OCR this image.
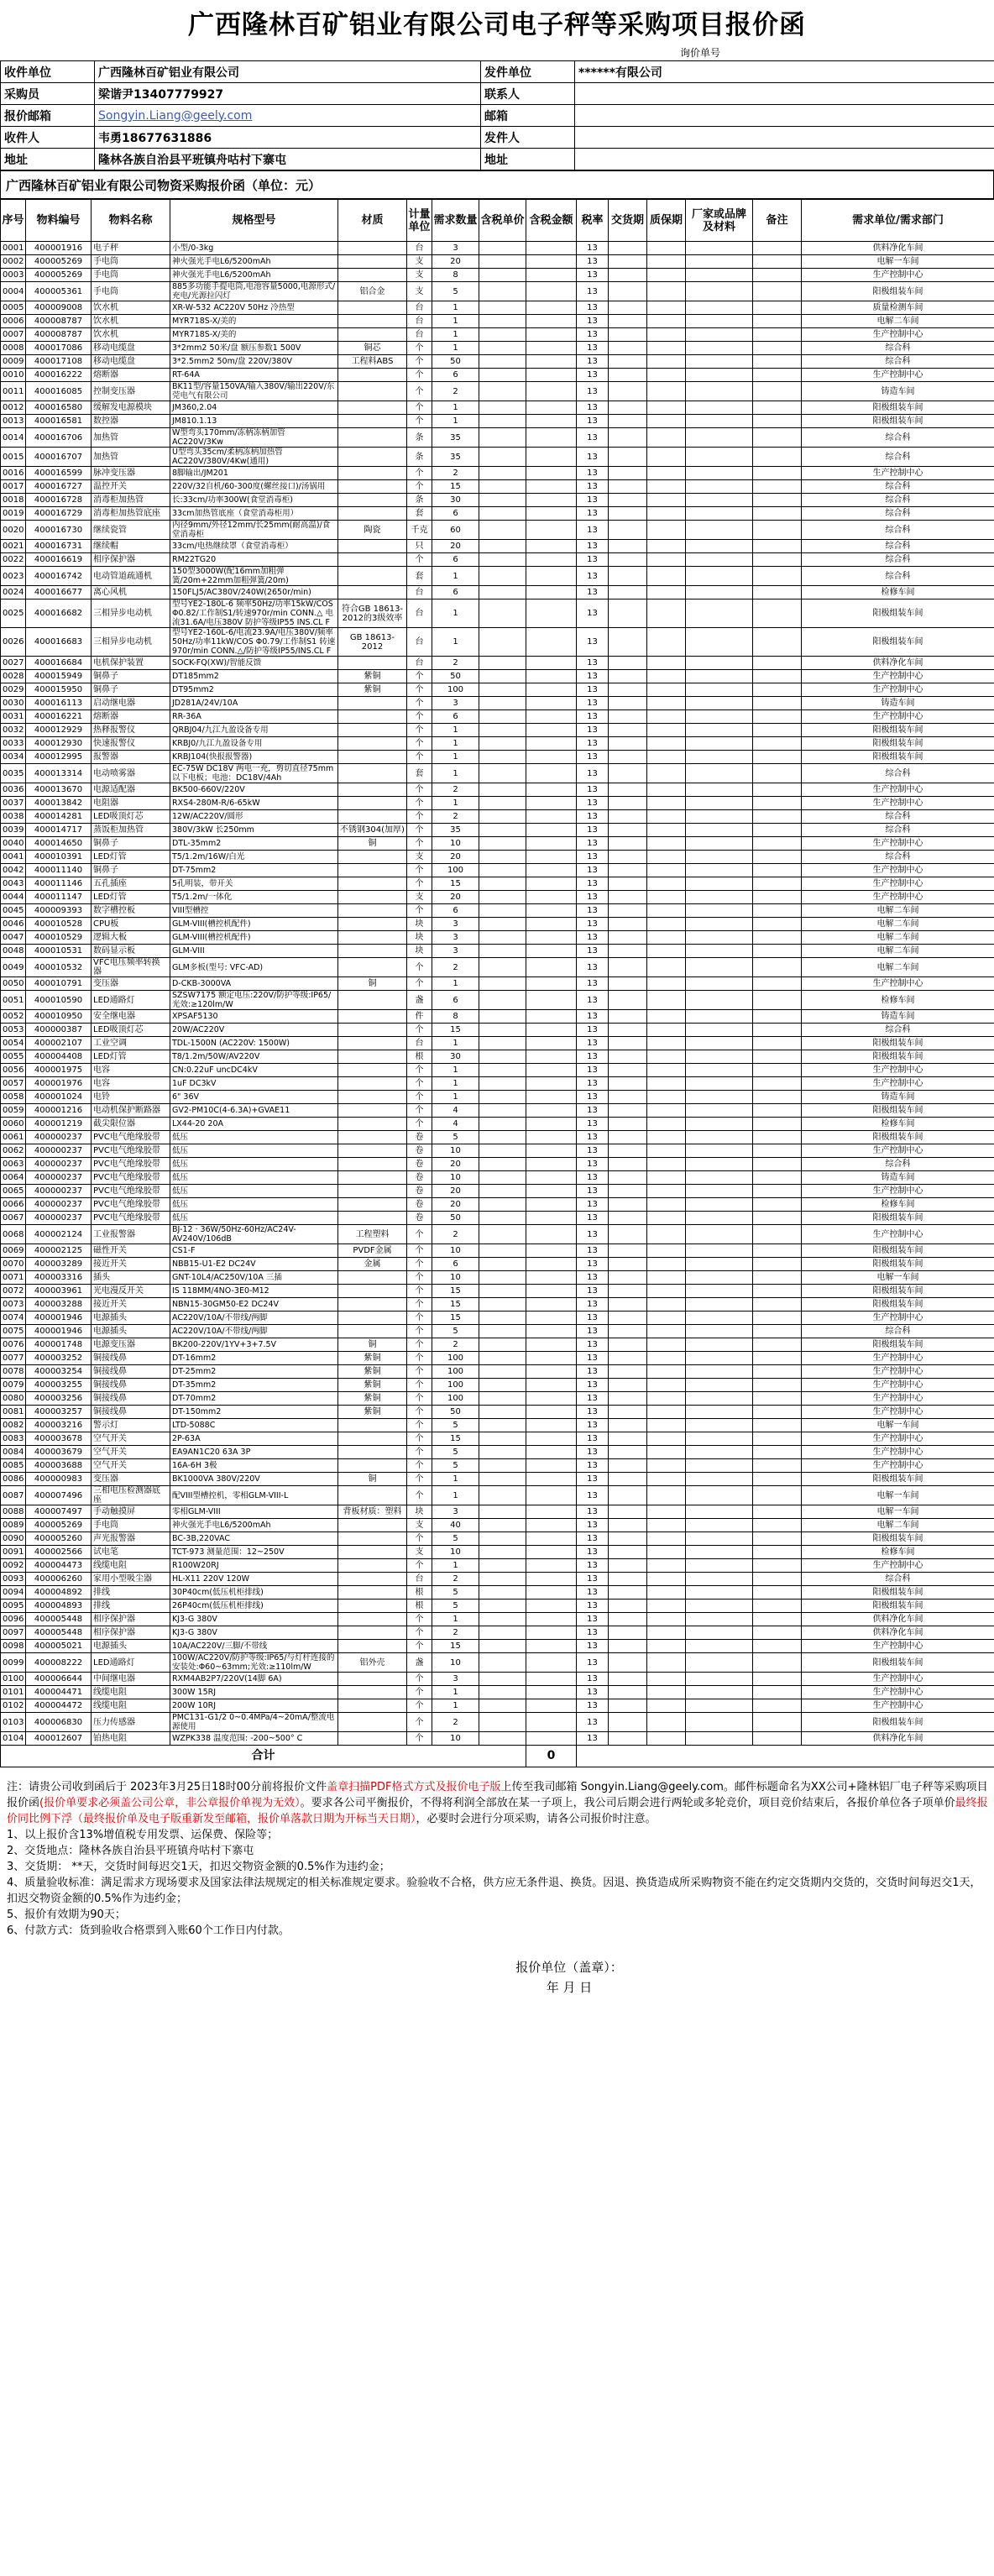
广西隆林百矿铝业有限公司电子秤等采购项目报价函
询价单号
收件单位	广西隆林百矿铝业有限公司	发件单位	******有限公司
采购员	梁谐尹13407779927	联系人	
报价邮箱	Songyin.Liang@geely.com	邮箱	
收件人	韦勇18677631886	发件人	
地址	隆林各族自治县平班镇舟咕村下寨屯	地址	
广西隆林百矿铝业有限公司物资采购报价函（单位：元）
序号	物料编号	物料名称	规格型号	材质	计量单位	需求数量	含税单价	含税金额	税率	交货期	质保期	厂家或品牌及材料	备注	需求单位/需求部门
0001	400001916	电子秤	小型/0-3kg		台	3			13					供料净化车间
0002	400005269	手电筒	神火强光手电L6/5200mAh		支	20			13					电解一车间
0003	400005269	手电筒	神火强光手电L6/5200mAh		支	8			13					生产控制中心
0004	400005361	手电筒	885多功能手提电筒,电池容量5000,电源形式/充电/光源拉闪灯	铝合金	支	5			13					阳极组装车间
0005	400009008	饮水机	XR-W-532 AC220V 50Hz 冷热型		台	1			13					质量检测车间
0006	400008787	饮水机	MYR718S-X/美的		台	1			13					电解二车间
0007	400008787	饮水机	MYR718S-X/美的		台	1			13					生产控制中心
0008	400017086	移动电缆盘	3*2mm2 50米/盘 额压参数1 500V	铜芯	个	1			13					综合科
0009	400017108	移动电缆盘	3*2.5mm2 50m/盘 220V/380V	工程料ABS	个	50			13					综合科
0010	400016222	熔断器	RT-64A		个	6			13					生产控制中心
0011	400016085	控制变压器	BK11型/容量150VA/输入380V/输出220V/东莞电气有限公司		个	2			13					铸造车间
0012	400016580	缓解发电源模块	JM360,2.04		个	1			13					阳极组装车间
0013	400016581	数控器	JM810.1.13		个	1			13					阳极组装车间
0014	400016706	加热管	W型弯头170mm/冻柄冻柄加管 AC220V/3Kw		条	35			13					综合科
0015	400016707	加热管	U型弯头35cm/柔柄冻柄加热管 AC220V/380V/4Kw(通用)		条	35			13					综合科
0016	400016599	脉冲变压器	8脚输出/JM201		个	2			13					生产控制中心
0017	400016727	温控开关	220V/32自机/60-300度(螺丝接口)/汤锅用		个	15			13					综合科
0018	400016728	消毒柜加热管	长:33cm/功率300W(食堂消毒柜)		条	30			13					综合科
0019	400016729	消毒柜加热管底座	33cm加热管底座（食堂消毒柜用）		套	6			13					综合科
0020	400016730	继续瓷管	内径9mm/外径12mm/长25mm(耐高温)/食堂消毒柜	陶瓷	千克	60			13					综合科
0021	400016731	继续帽	33cm/电热继续罩（食堂消毒柜）		只	20			13					综合科
0022	400016619	相序保护器	RM22TG20		个	6			13					综合科
0023	400016742	电动管道疏通机	150型3000W(配16mm加粗弹簧/20m+22mm加粗弹簧/20m)		套	1			13					综合科
0024	400016677	离心风机	150FLJ5/AC380V/240W(2650r/min)		台	6			13					检修车间
0025	400016682	三相异步电动机	型号YE2-180L-6 频率50Hz/功率15kW/COS Φ0.82/工作制S1/转速970r/min CONN.△ 电流31.6A/电压380V 防护等级IP55 INS.CL F	符合GB 18613-2012的3级效率	台	1			13					阳极组装车间
0026	400016683	三相异步电动机	型号YE2-160L-6/电流23.9A/电压380V/频率50Hz/功率11kW/COS Φ0.79/工作制S1 转速970r/min CONN.△/防护等级IP55/INS.CL F	GB 18613-2012	台	1			13					阳极组装车间
0027	400016684	电机保护装置	SOCK-FQ(XW)/智能反馈		台	2			13					供料净化车间
0028	400015949	铜鼻子	DT185mm2	紫铜	个	50			13					生产控制中心
0029	400015950	铜鼻子	DT95mm2	紫铜	个	100			13					生产控制中心
0030	400016113	启动继电器	JD281A/24V/10A		个	3			13					铸造车间
0031	400016221	熔断器	RR-36A		个	6			13					生产控制中心
0032	400012929	热释报警仪	QRBJ04/九江九盈设备专用		个	1			13					阳极组装车间
0033	400012930	快速报警仪	KRBJ0/九江九盈设备专用		个	1			13					阳极组装车间
0034	400012995	报警器	KRBJ104(快报报警器)		个	1			13					阳极组装车间
0035	400013314	电动喷雾器	EC-75W DC18V 两电一充，剪切直径75mm以下电板；电池：DC18V/4Ah		套	1			13					综合科
0036	400013670	电源适配器	BK500-660V/220V		个	2			13					生产控制中心
0037	400013842	电阻器	RXS4-280M-R/6-65kW		个	1			13					生产控制中心
0038	400014281	LED吸顶灯芯	12W/AC220V/圆形		个	2			13					综合科
0039	400014717	蒸饭柜加热管	380V/3kW 长250mm	不锈钢304(加厚)	个	35			13					综合科
0040	400014650	铜鼻子	DTL-35mm2	铜	个	10			13					生产控制中心
0041	400010391	LED灯管	T5/1.2m/16W/白光		支	20			13					综合科
0042	400011140	铜鼻子	DT-75mm2		个	100			13					生产控制中心
0043	400011146	五孔插座	5孔明装，带开关		个	15			13					生产控制中心
0044	400011147	LED灯管	T5/1.2m/一体化		支	20			13					生产控制中心
0045	400009393	数字槽控板	VIII型槽控		个	6			13					电解二车间
0046	400010528	CPU板	GLM-VIII(槽控机配件)		块	3			13					电解二车间
0047	400010529	逻辑大板	GLM-VIII(槽控机配件)		块	3			13					电解二车间
0048	400010531	数码显示板	GLM-VIII		块	3			13					电解二车间
0049	400010532	VFC电压频率转换器	GLM多板(型号: VFC-AD)		个	2			13					电解二车间
0050	400010791	变压器	D-CKB-3000VA	铜	个	1			13					生产控制中心
0051	400010590	LED通路灯	SZSW7175 额定电压:220V/防护等级:IP65/光效:≥120lm/W		盏	6			13					检修车间
0052	400010950	安全继电器	XPSAF5130		件	8			13					铸造车间
0053	400000387	LED吸顶灯芯	20W/AC220V		个	15			13					综合科
0054	400002107	工业空调	TDL-1500N (AC220V: 1500W)		台	1			13					阳极组装车间
0055	400004408	LED灯管	T8/1.2m/50W/AV220V		根	30			13					阳极组装车间
0056	400001975	电容	CN:0.22uF uncDC4kV		个	1			13					生产控制中心
0057	400001976	电容	1uF DC3kV		个	1			13					生产控制中心
0058	400001024	电铃	6" 36V		个	1			13					铸造车间
0059	400001216	电动机保护断路器	GV2-PM10C(4-6.3A)+GVAE11		个	4			13					阳极组装车间
0060	400001219	截尖限位器	LX44-20 20A		个	4			13					检修车间
0061	400000237	PVC电气绝缘胶带	低压		卷	5			13					阳极组装车间
0062	400000237	PVC电气绝缘胶带	低压		卷	10			13					生产控制中心
0063	400000237	PVC电气绝缘胶带	低压		卷	20			13					综合科
0064	400000237	PVC电气绝缘胶带	低压		卷	10			13					铸造车间
0065	400000237	PVC电气绝缘胶带	低压		卷	20			13					生产控制中心
0066	400000237	PVC电气绝缘胶带	低压		卷	20			13					检修车间
0067	400000237	PVC电气绝缘胶带	低压		卷	50			13					阳极组装车间
0068	400002124	工业报警器	BJ-12 · 36W/50Hz-60Hz/AC24V-AV240V/106dB	工程塑料	个	2			13					生产控制中心
0069	400002125	磁性开关	CS1-F	PVDF金属	个	10			13					阳极组装车间
0070	400003289	接近开关	NBB15-U1-E2 DC24V	金属	个	6			13					阳极组装车间
0071	400003316	插头	GNT-10L4/AC250V/10A 三插		个	10			13					电解一车间
0072	400003961	光电漫反开关	IS 118MM/4NO-3E0-M12		个	15			13					阳极组装车间
0073	400003288	接近开关	NBN15-30GM50-E2 DC24V		个	15			13					阳极组装车间
0074	400001946	电源插头	AC220V/10A/不带线/两脚		个	15			13					生产控制中心
0075	400001946	电源插头	AC220V/10A/不带线/两脚		个	5			13					综合科
0076	400001748	电源变压器	BK200-220V/1YV+3+7.5V	铜	个	2			13					阳极组装车间
0077	400003252	铜接线鼻	DT-16mm2	紫铜	个	100			13					生产控制中心
0078	400003254	铜接线鼻	DT-25mm2	紫铜	个	100			13					生产控制中心
0079	400003255	铜接线鼻	DT-35mm2	紫铜	个	100			13					生产控制中心
0080	400003256	铜接线鼻	DT-70mm2	紫铜	个	100			13					生产控制中心
0081	400003257	铜接线鼻	DT-150mm2	紫铜	个	50			13					生产控制中心
0082	400003216	警示灯	LTD-5088C		个	5			13					电解一车间
0083	400003678	空气开关	2P-63A		个	15			13					生产控制中心
0084	400003679	空气开关	EA9AN1C20 63A 3P		个	5			13					生产控制中心
0085	400003688	空气开关	16A-6H 3极		个	5			13					生产控制中心
0086	400000983	变压器	BK1000VA 380V/220V	铜	个	1			13					阳极组装车间
0087	400007496	三相电压检测器底座	配VIII型槽控机，零相GLM-VIII-L		个	1			13					电解一车间
0088	400007497	手动触摸屏	零相GLM-VIII	背板材质：塑料	块	3			13					电解一车间
0089	400005269	手电筒	神火强光手电L6/5200mAh		支	40			13					电解二车间
0090	400005260	声光报警器	BC-3B,220VAC		个	5			13					阳极组装车间
0091	400002566	试电笔	TCT-973 测量范围：12~250V		支	10			13					检修车间
0092	400004473	线缆电阻	R100W20RJ		个	1			13					生产控制中心
0093	400006260	家用小型吸尘器	HL-X11 220V 120W		台	2			13					综合科
0094	400004892	排线	30P40cm(低压机柜排线)		根	5			13					阳极组装车间
0095	400004893	排线	26P40cm(低压机柜排线)		根	5			13					阳极组装车间
0096	400005448	相序保护器	KJ3-G 380V		个	1			13					供料净化车间
0097	400005448	相序保护器	KJ3-G 380V		个	2			13					供料净化车间
0098	400005021	电源插头	10A/AC220V/三脚/不带线		个	15			13					生产控制中心
0099	400008222	LED通路灯	100W/AC220V/防护等级:IP65/与灯杆连接的安装处:Φ60~63mm;光效:≥110lm/W	铝外壳	盏	10			13					阳极组装车间
0100	400006644	中间继电器	RXM4AB2P7/220V(14脚 6A)		个	3			13					生产控制中心
0101	400004471	线缆电阻	300W 15RJ		个	1			13					生产控制中心
0102	400004472	线缆电阻	200W 10RJ		个	1			13					生产控制中心
0103	400006830	压力传感器	PMC131-G1/2 0~0.4MPa/4~20mA/整流电源使用		个	2			13					阳极组装车间
0104	400012607	铂热电阻	WZPK338 温度范围: -200~500° C		个	10			13					供料净化车间
合计								0						

注：请贵公司收到函后于 2023年3月25日18时00分前将报价文件盖章扫描PDF格式方式及报价电子版上传至我司邮箱 Songyin.Liang@geely.com。邮件标题命名为XX公司+隆林铝厂电子秤等采购项目报价函(报价单要求必须盖公司公章，非公章报价单视为无效）。要求各公司平衡报价，不得将利润全部放在某一子项上，我公司后期会进行两轮或多轮竞价，项目竞价结束后，各报价单位各子项单价最终报价同比例下浮（最终报价单及电子版重新发至邮箱，报价单落款日期为开标当天日期），必要时会进行分项采购，请各公司报价时注意。

1、以上报价含13%增值税专用发票、运保费、保险等；

2、交货地点：隆林各族自治县平班镇舟咕村下寨屯

3、交货期： **天，交货时间每迟交1天，扣迟交物资金额的0.5%作为违约金；

4、质量验收标准：满足需求方现场要求及国家法律法规规定的相关标准规定要求。验验收不合格，供方应无条件退、换货。因退、换货造成所采购物资不能在约定交货期内交货的，交货时间每迟交1天，扣迟交物资金额的0.5%作为违约金；

5、报价有效期为90天；

6、付款方式：货到验收合格票到入账60个工作日内付款。

报价单位（盖章）：
年 月 日
